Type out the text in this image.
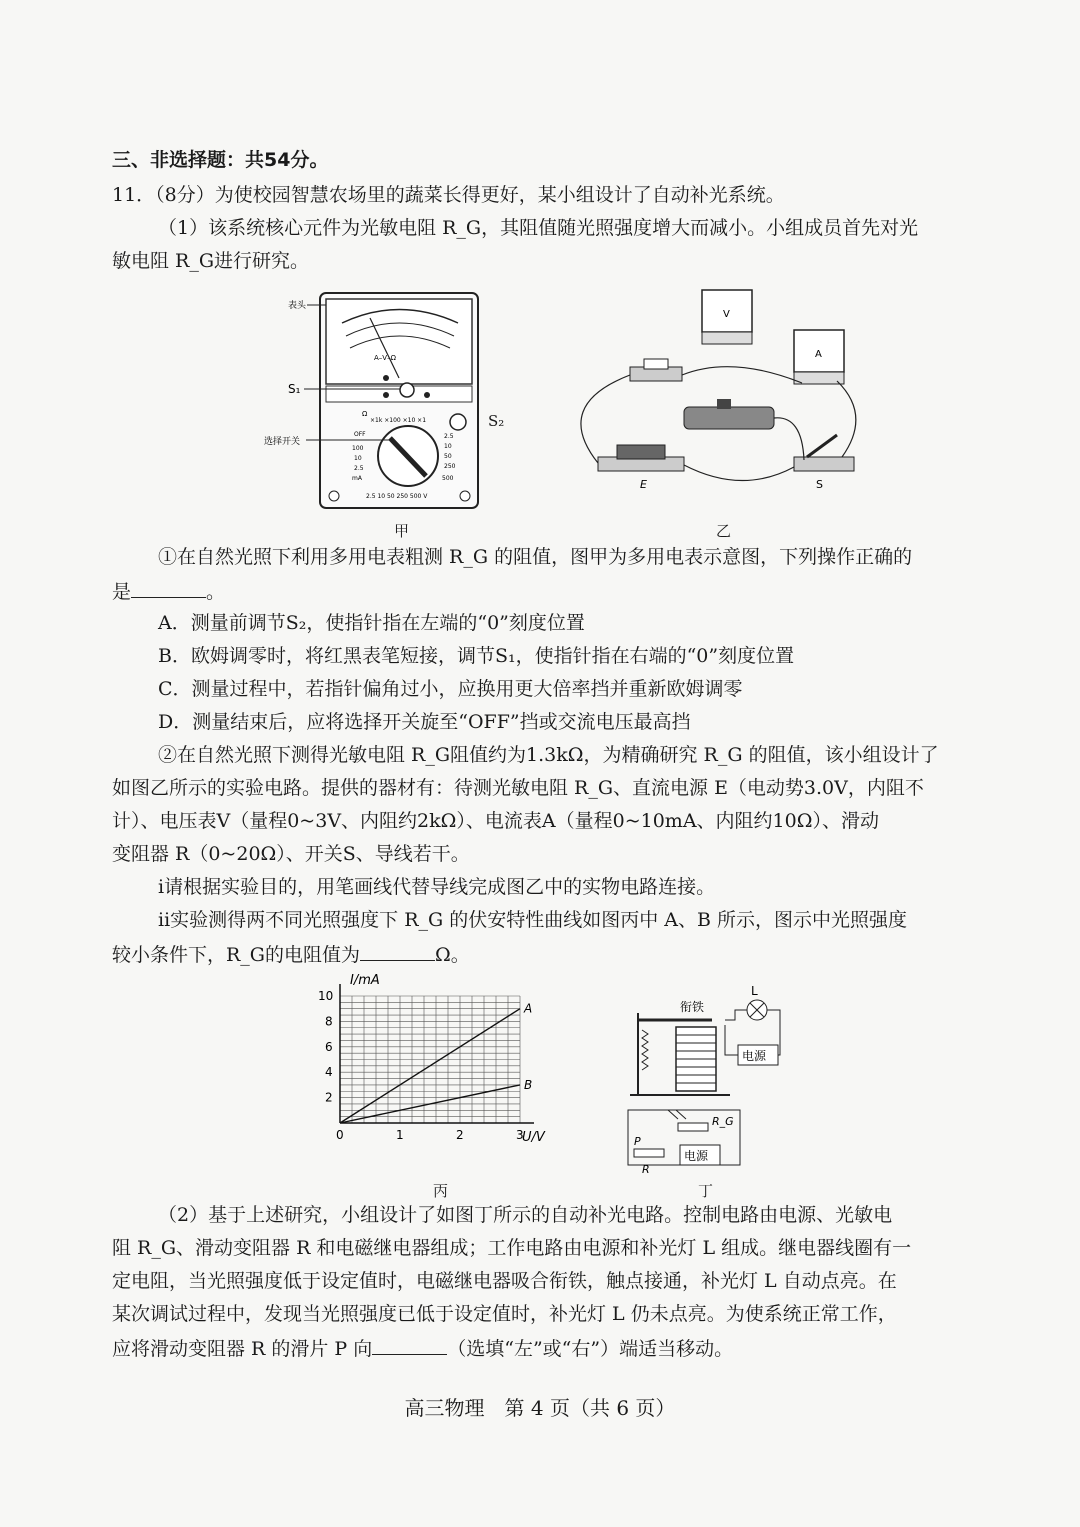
三、非选择题：共54分。
11．（8分）为使校园智慧农场里的蔬菜长得更好，某小组设计了自动补光系统。
（1）该系统核心元件为光敏电阻 R_G，其阻值随光照强度增大而减小。小组成员首先对光
敏电阻 R_G进行研究。
A–V–Ω
Ω
×1k ×100 ×10 ×1
OFF	2.5
10
50
250
500
100
10
2.5
mA
2.5 10 50 250 500 V
表头
S₁
选择开关
S₂
甲
V
A
E	S
乙
①在自然光照下利用多用电表粗测 R_G 的阻值，图甲为多用电表示意图，下列操作正确的
是	。
A．测量前调节S₂，使指针指在左端的“0”刻度位置
B．欧姆调零时，将红黑表笔短接，调节S₁，使指针指在右端的“0”刻度位置
C．测量过程中，若指针偏角过小，应换用更大倍率挡并重新欧姆调零
D．测量结束后，应将选择开关旋至“OFF”挡或交流电压最高挡
②在自然光照下测得光敏电阻 R_G阻值约为1.3kΩ，为精确研究 R_G 的阻值，该小组设计了
如图乙所示的实验电路。提供的器材有：待测光敏电阻 R_G、直流电源 E（电动势3.0V，内阻不
计）、电压表V（量程0~3V、内阻约2kΩ）、电流表A（量程0~10mA、内阻约10Ω）、滑动
变阻器 R（0~20Ω）、开关S、导线若干。
ⅰ请根据实验目的，用笔画线代替导线完成图乙中的实物电路连接。
ⅱ实验测得两不同光照强度下 R_G 的伏安特性曲线如图丙中 A、B 所示，图示中光照强度
较小条件下，R_G的电阻值为	Ω。
A
B
0	1	2	3
2
4
6
8
10
I/mA
U/V
丙
衔铁
L
电源
R_G
P
R
电源
丁
（2）基于上述研究，小组设计了如图丁所示的自动补光电路。控制电路由电源、光敏电
阻 R_G、滑动变阻器 R 和电磁继电器组成；工作电路由电源和补光灯 L 组成。继电器线圈有一
定电阻，当光照强度低于设定值时，电磁继电器吸合衔铁，触点接通，补光灯 L 自动点亮。在
某次调试过程中，发现当光照强度已低于设定值时，补光灯 L 仍未点亮。为使系统正常工作，
应将滑动变阻器 R 的滑片 P 向	（选填“左”或“右”）端适当移动。
高三物理　第 4 页（共 6 页）
